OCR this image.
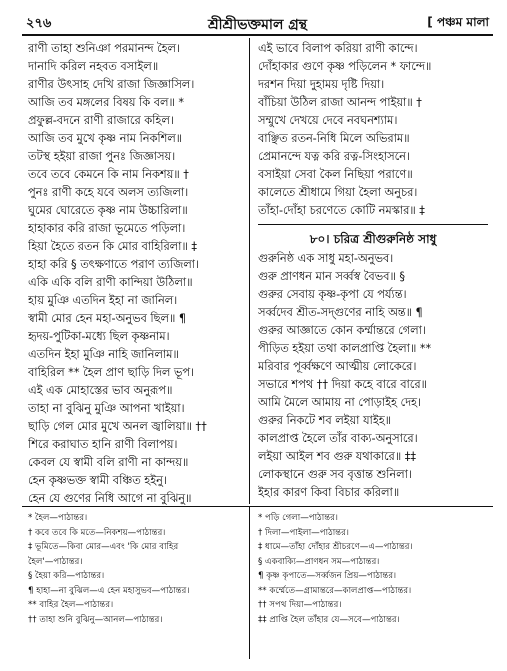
২৭৬	শ্রীশ্রীভক্তমাল গ্রন্থ	[ পঞ্চম মালা
রাণী তাহা শুনিঞা পরমানন্দ হৈল।
দানাদি করিল নহবত বসাইল॥
রাণীর উৎসাহ দেখি রাজা জিজ্ঞাসিল।
আজি তব মঙ্গলের বিষয় কি বল॥ *
প্রফুল্ল-বদনে রাণী রাজারে কহিল।
আজি তব মুখে কৃষ্ণ নাম নিকশিল॥
তটস্থ হইয়া রাজা পুনঃ জিজ্ঞাসয়।
তবে তবে কেমনে কি নাম নিকশয়॥ †
পুনঃ রাণী কহে যবে অলস ত্যজিলা।
ঘুমের ঘোরেতে কৃষ্ণ নাম উচ্চারিলা॥
হাহাকার করি রাজা ভূমেতে পড়িলা।
হিয়া হৈতে রতন কি মোর বাহিরিলা॥ ‡
হাহা করি § তৎক্ষণাতে পরাণ ত্যজিলা।
একি একি বলি রাণী কান্দিয়া উঠিলা॥
হায় মুঞি এতদিন ইহা না জানিল।
স্বামী মোর হেন মহা-অনুভব ছিল॥ ¶
হৃদয়-পুটিকা-মধ্যে ছিল কৃষ্ণনাম।
এতদিন ইহা মুঞি নাহি জানিলাম॥
বাহিরিল ** হৈল প্রাণ ছাড়ি দিল ভূপ।
এই এক মোহাস্তের ভাব অনুরূপ॥
তাহা না বুঝিনু মুঞি আপনা খাইয়া।
ছাড়ি গেল মোর মুখে অনল জ্বালিয়া॥ ††
শিরে করাঘাত হানি রাণী বিলাপয়।
কেবল যে স্বামী বলি রাণী না কান্দয়॥
হেন কৃষ্ণভক্ত স্বামী বঞ্চিত হইনু।
হেন যে গুণের নিধি আগে না বুঝিনু॥
এই ভাবে বিলাপ করিয়া রাণী কান্দে।
দোঁহাকার গুণে কৃষ্ণ পড়িলেন * ফান্দে॥
দরশন দিয়া দুহাময় দৃষ্টি দিয়া।
বাঁচিয়া উঠিল রাজা আনন্দ পাইয়া॥ †
সম্মুখে দেখয়ে দেবে নবঘনশ্যাম।
বাঞ্ছিত রতন-নিধি মিলে অভিরাম॥
প্রেমানন্দে যত্ন করি রত্ন-সিংহাসনে।
বসাইয়া সেবা কৈল নিছিয়া পরাণে॥
কালেতে শ্রীধামে গিয়া হৈলা অনুচর।
তাঁহা-দোঁহা চরণেতে কোটি নমস্কার॥ ‡
৮০। চরিত্র শ্রীগুরুনিষ্ঠ সাধু
গুরুনিষ্ঠ এক সাধু মহা-অনুভব।
গুরু প্রাণধন মান সর্ব্বস্ব বৈভব॥ §
গুরুর সেবায় কৃষ্ণ-কৃপা যে পর্য্যন্ত।
সর্ব্বদেব শ্রীত-সদ্গুণের নাহি অন্ত॥ ¶
গুরুর আজ্ঞাতে কোন কর্ম্মান্তরে গেলা।
পীড়িত হইয়া তথা কালপ্রাপ্তি হৈলা॥ **
মরিবার পূর্ব্বক্ষণে আত্মীয় লোকেরে।
সভারে শপথ †† দিয়া কহে বারে বারে॥
আমি মৈলে আমায় না পোড়াইহ দেহ।
গুরুর নিকটে শব লইয়া যাইহ॥
কালপ্রাপ্ত হৈলে তাঁর বাক্য-অনুসারে।
লইয়া আইল শব গুরু যথাকারে॥ ‡‡
লোকস্থানে গুরু সব বৃত্তান্ত শুনিলা।
ইহার কারণ কিবা বিচার করিলা॥
* হৈল—পাঠান্তর।
† কবে তবে কি মতে—নিকশয়—পাঠান্তর।
‡ ভূমিতে—কিবা মোর—এবং 'কি মোর বাহির
হৈল'—পাঠান্তর।
§ হৈয়া করি—পাঠান্তর।
¶ হাহা—না বুঝিল—এ হেন মহাসুভব—পাঠান্তর।
** বাহির হৈল—পাঠান্তর।
†† তাহা শুনি বুঝিনু—আনল—পাঠান্তর।
* পড়ি গেলা—পাঠান্তর।
† দিলা—পাইলা—পাঠান্তর।
‡ ধামে—তাঁহা দোঁহার শ্রীচরণে—এ—পাঠান্তর।
§ একবাক্যি—প্রাণধন সম—পাঠান্তর।
¶ কৃষ্ণ কৃপাতে—সর্ব্বজন প্রিয়—পাঠান্তর।
** কর্ম্মেতে—গ্রামান্তরে—কালপ্রাপ্ত—পাঠান্তর।
†† সপথ দিয়া—পাঠান্তর।
‡‡ প্রাপ্তি হৈল তাঁহার যে—সবে—পাঠান্তর।
